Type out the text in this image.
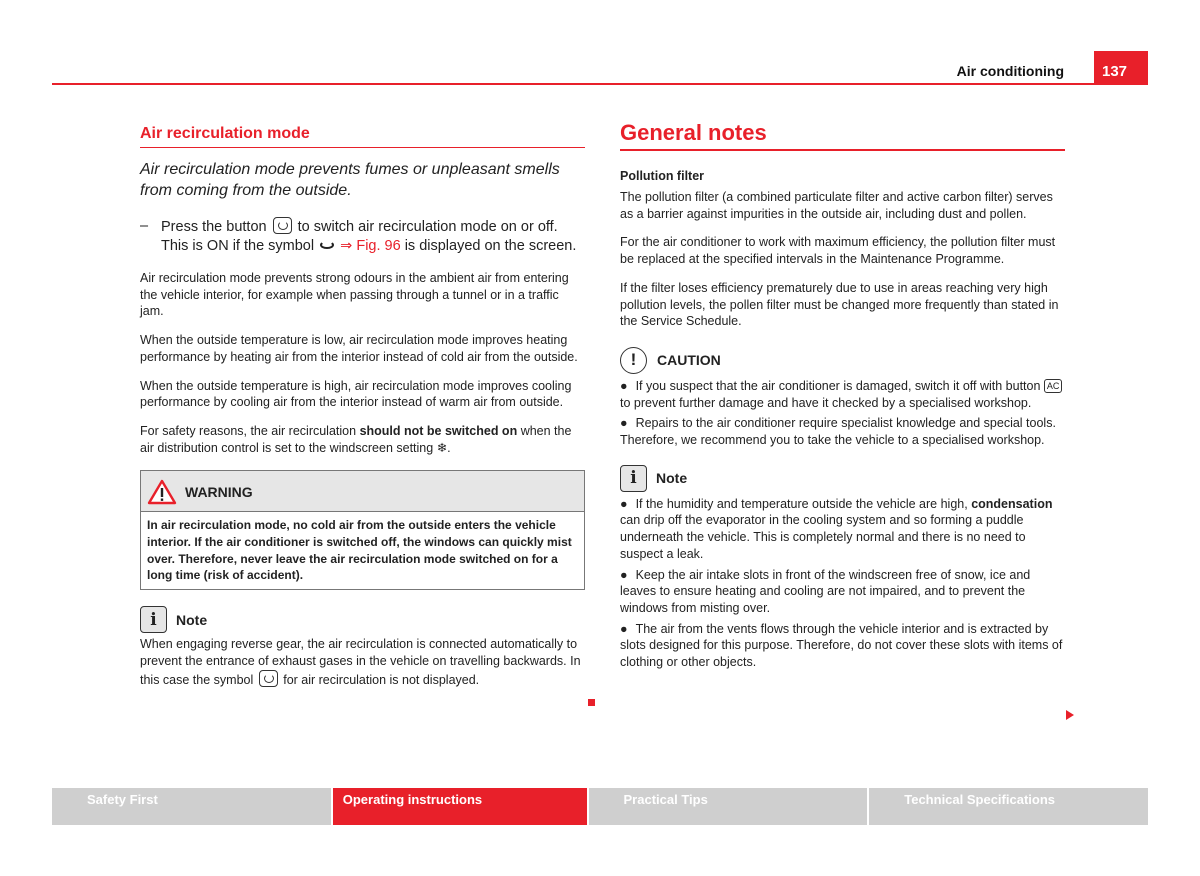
137
Air conditioning
Air recirculation mode
Air recirculation mode prevents fumes or unpleasant smells from coming from the outside.
– Press the button to switch air recirculation mode on or off. This is ON if the symbol ⇒ Fig. 96 is displayed on the screen.

Air recirculation mode prevents strong odours in the ambient air from entering the vehicle interior, for example when passing through a tunnel or in a traffic jam.

When the outside temperature is low, air recirculation mode improves heating performance by heating air from the interior instead of cold air from the outside.

When the outside temperature is high, air recirculation mode improves cooling performance by cooling air from the interior instead of warm air from outside.

For safety reasons, the air recirculation should not be switched on when the air distribution control is set to the windscreen setting ❄.

WARNING
In air recirculation mode, no cold air from the outside enters the vehicle interior. If the air conditioner is switched off, the windows can quickly mist over. Therefore, never leave the air recirculation mode switched on for a long time (risk of accident).
i	Note
When engaging reverse gear, the air recirculation is connected automatically to prevent the entrance of exhaust gases in the vehicle on travelling backwards. In this case the symbol for air recirculation is not displayed.
General notes
Pollution filter

The pollution filter (a combined particulate filter and active carbon filter) serves as a barrier against impurities in the outside air, including dust and pollen.

For the air conditioner to work with maximum efficiency, the pollution filter must be replaced at the specified intervals in the Maintenance Programme.

If the filter loses efficiency prematurely due to use in areas reaching very high pollution levels, the pollen filter must be changed more frequently than stated in the Service Schedule.

!	CAUTION
● If you suspect that the air conditioner is damaged, switch it off with button AC to prevent further damage and have it checked by a specialised workshop.
● Repairs to the air conditioner require specialist knowledge and special tools. Therefore, we recommend you to take the vehicle to a specialised workshop.
i	Note
● If the humidity and temperature outside the vehicle are high, condensation can drip off the evaporator in the cooling system and so forming a puddle underneath the vehicle. This is completely normal and there is no need to suspect a leak.
● Keep the air intake slots in front of the windscreen free of snow, ice and leaves to ensure heating and cooling are not impaired, and to prevent the windows from misting over.
● The air from the vents flows through the vehicle interior and is extracted by slots designed for this purpose. Therefore, do not cover these slots with items of clothing or other objects.
Safety First	Operating instructions	Practical Tips	Technical Specifications
